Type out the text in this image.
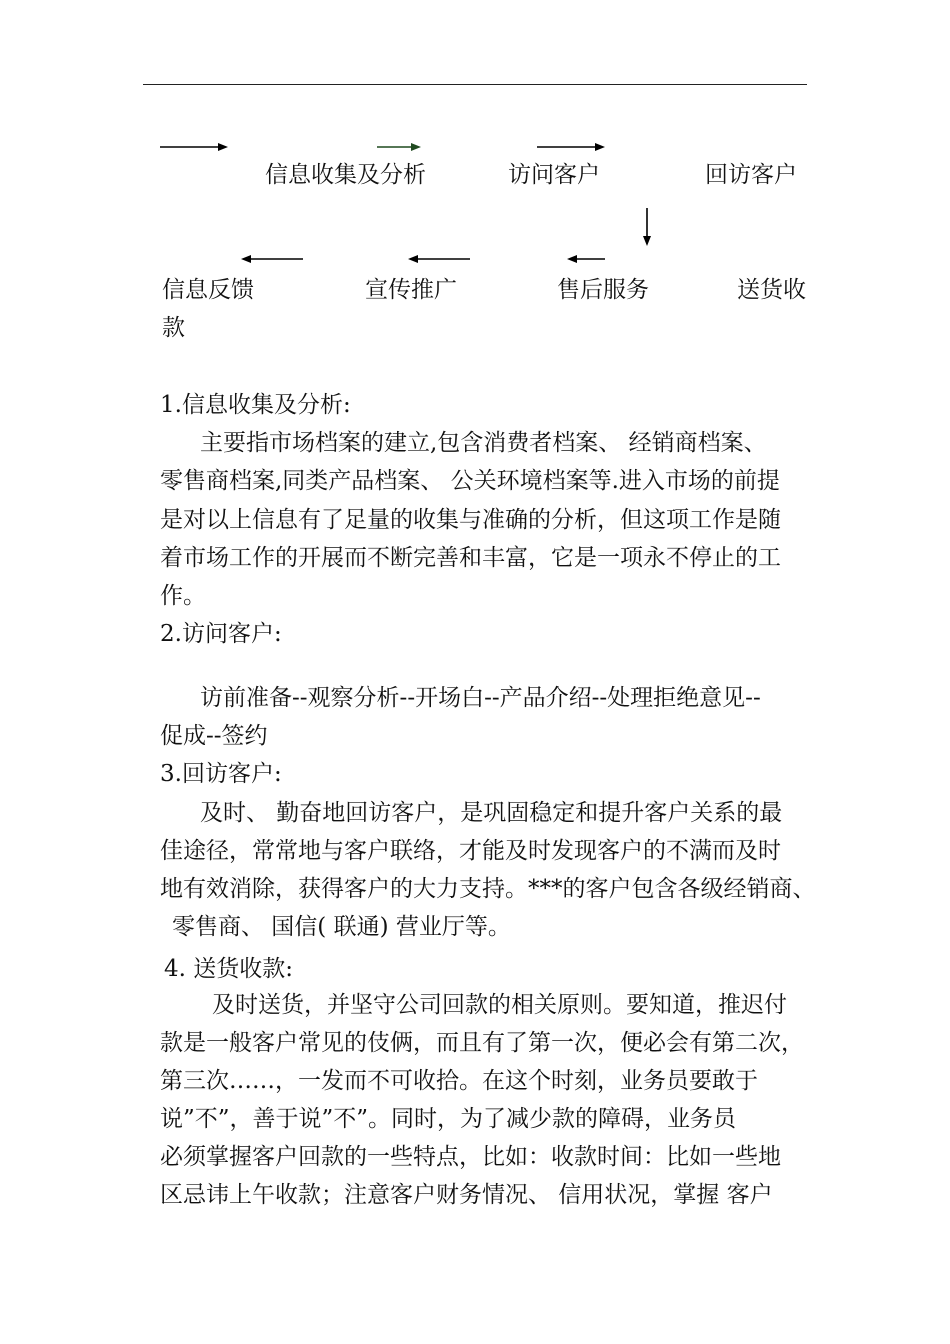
信息收集及分析	访问客户	回访客户
信息反馈	宣传推广	售后服务	送货收
款
1.信息收集及分析:
主要指市场档案的建立,包含消费者档案、 经销商档案、
零售商档案,同类产品档案、 公关环境档案等.进入市场的前提
是对以上信息有了足量的收集与准确的分析，但这项工作是随
着市场工作的开展而不断完善和丰富，它是一项永不停止的工
作。
2.访问客户:
访前准备--观察分析--开场白--产品介绍--处理拒绝意见--
促成--签约
3.回访客户:
及时、 勤奋地回访客户，是巩固稳定和提升客户关系的最
佳途径，常常地与客户联络，才能及时发现客户的不满而及时
地有效消除，获得客户的大力支持。***的客户包含各级经销商、
零售商、 国信( 联通) 营业厅等。
4. 送货收款:
及时送货，并坚守公司回款的相关原则。要知道，推迟付
款是一般客户常见的伎俩，而且有了第一次，便必会有第二次，
第三次……，一发而不可收拾。在这个时刻，业务员要敢于
说”不”，善于说”不”。同时，为了减少款的障碍，业务员
必须掌握客户回款的一些特点，比如：收款时间：比如一些地
区忌讳上午收款；注意客户财务情况、 信用状况，掌握 客户
